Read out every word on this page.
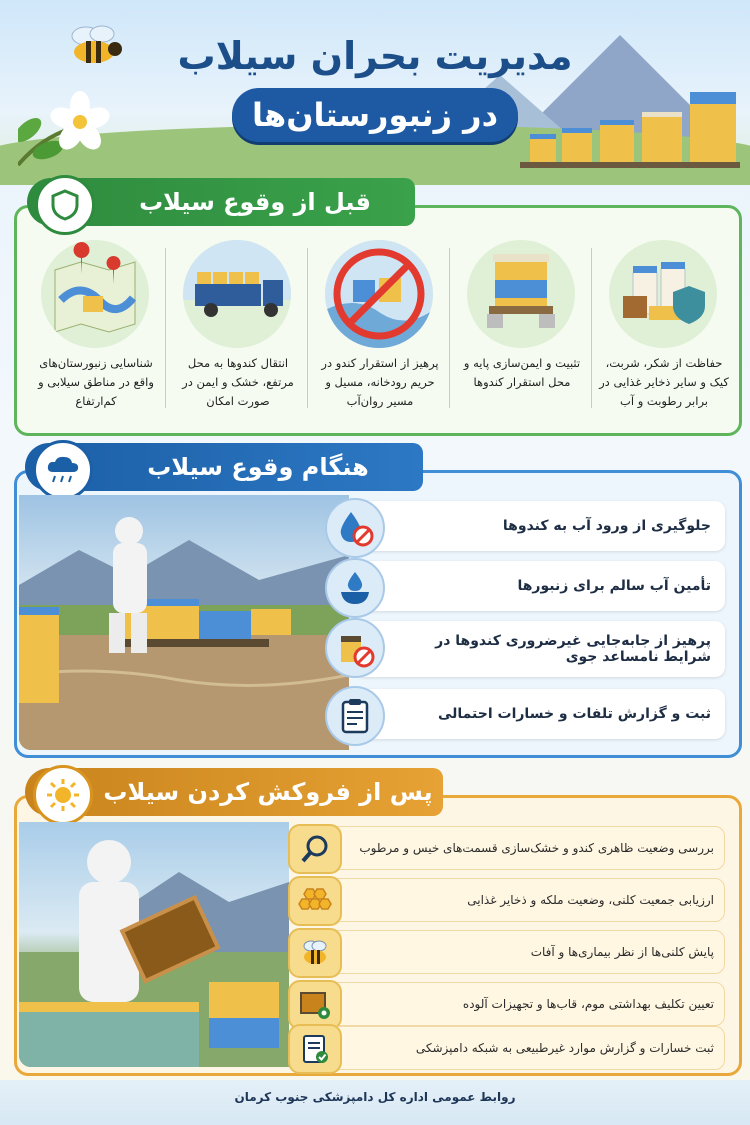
مدیریت بحران سیلاب
در زنبورستان‌ها
قبل از وقوع سیلاب
حفاظت از شکر، شربت، کیک و سایر ذخایر غذایی در برابر رطوبت و آب
تثبیت و ایمن‌سازی پایه و محل استقرار کندوها
پرهیز از استقرار کندو در حریم رودخانه، مسیل و مسیر روان‌آب
انتقال کندوها به محل مرتفع، خشک و ایمن در صورت امکان
شناسایی زنبورستان‌های واقع در مناطق سیلابی و کم‌ارتفاع
هنگام وقوع سیلاب
جلوگیری از ورود آب به کندوها
تأمین آب سالم برای زنبورها
پرهیز از جابه‌جایی غیرضروری کندوها در شرایط نامساعد جوی
ثبت و گزارش تلفات و خسارات احتمالی
پس از فروکش کردن سیلاب
بررسی وضعیت ظاهری کندو و خشک‌سازی قسمت‌های خیس و مرطوب
ارزیابی جمعیت کلنی، وضعیت ملکه و ذخایر غذایی
پایش کلنی‌ها از نظر بیماری‌ها و آفات
تعیین تکلیف بهداشتی موم، قاب‌ها و تجهیزات آلوده
ثبت خسارات و گزارش موارد غیرطبیعی به شبکه دامپزشکی
روابط عمومی اداره کل دامپزشکی جنوب کرمان
